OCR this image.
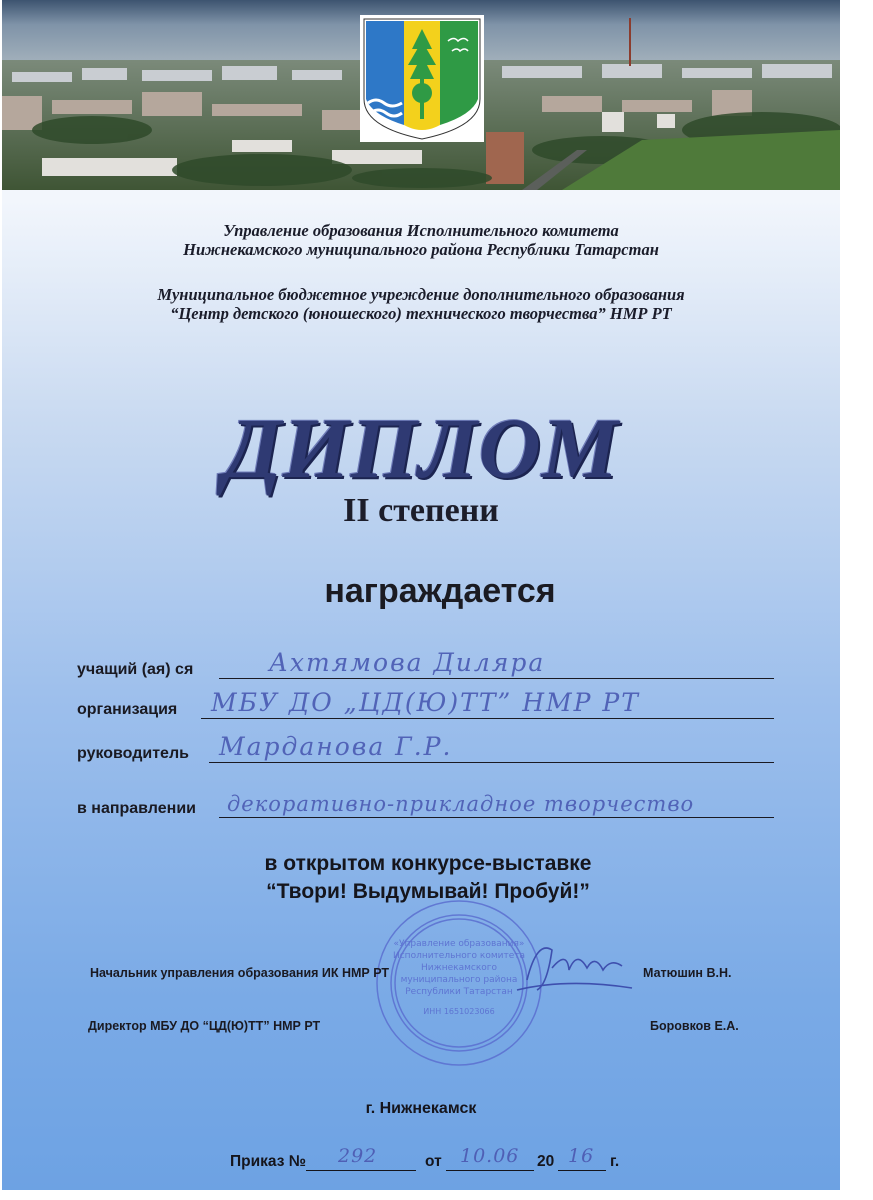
Управление образования Исполнительного комитета

Нижнекамского муниципального района Республики Татарстан

Муниципальное бюджетное учреждение дополнительного образования

“Центр детского (юношеского) технического творчества” НМР РТ

ДИПЛОМ
II степени
награждается
учащий (ая) ся	Ахтямова Диляра
организация МБУ ДО „ЦД(Ю)ТТ” НМР РТ
руководитель Марданова Г.Р.
в направлении декоративно-прикладное творчество
в открытом конкурсе-выставке
“Твори! Выдумывай! Пробуй!”
«Управление образования»
Исполнительного комитета
Нижнекамского
муниципального района
Республики Татарстан
ИНН 1651023066
Начальник управления образования ИК НМР РТ	Матюшин В.Н.
Директор МБУ ДО “ЦД(Ю)ТТ” НМР РТ	Боровков Е.А.
г. Нижнекамск
Приказ № 292	от 10.06 20 16 г.
